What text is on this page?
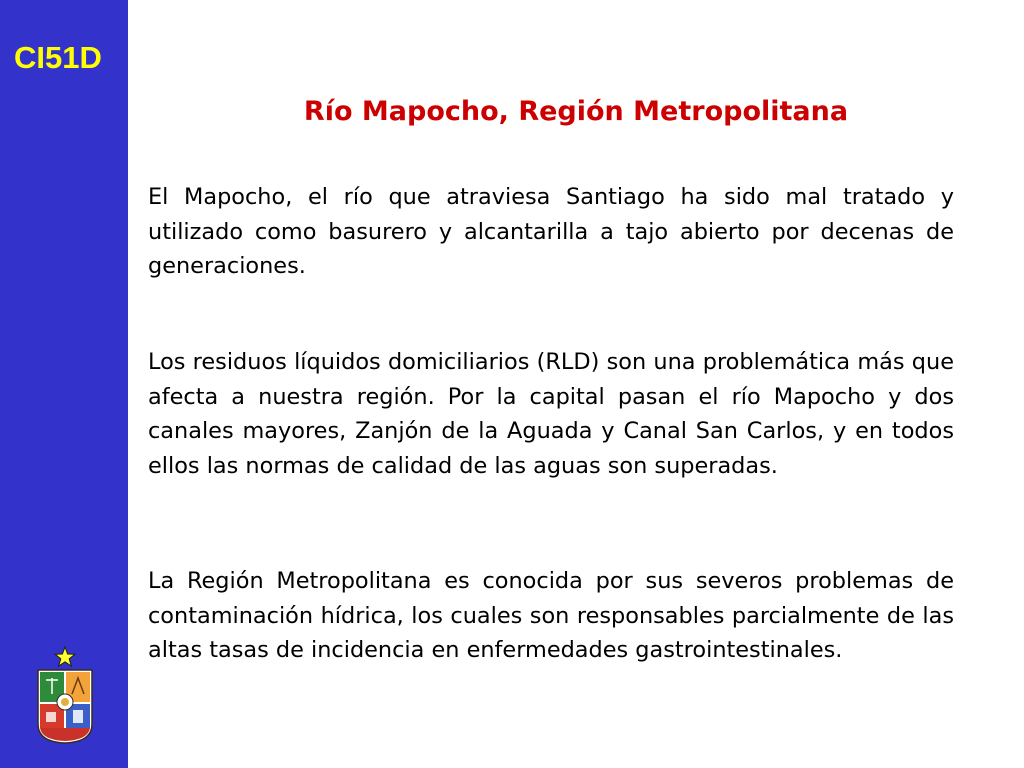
CI51D
Río Mapocho, Región Metropolitana

El Mapocho, el río que atraviesa Santiago ha sido mal tratado y utilizado como basurero y alcantarilla a tajo abierto por decenas de generaciones.

Los residuos líquidos domiciliarios (RLD) son una problemática más que afecta a nuestra región. Por la capital pasan el río Mapocho y dos canales mayores, Zanjón de la Aguada y Canal San Carlos, y en todos ellos las normas de calidad de las aguas son superadas.

La Región Metropolitana es conocida por sus severos problemas de contaminación hídrica, los cuales son responsables parcialmente de las altas tasas de incidencia en enfermedades gastrointestinales.
